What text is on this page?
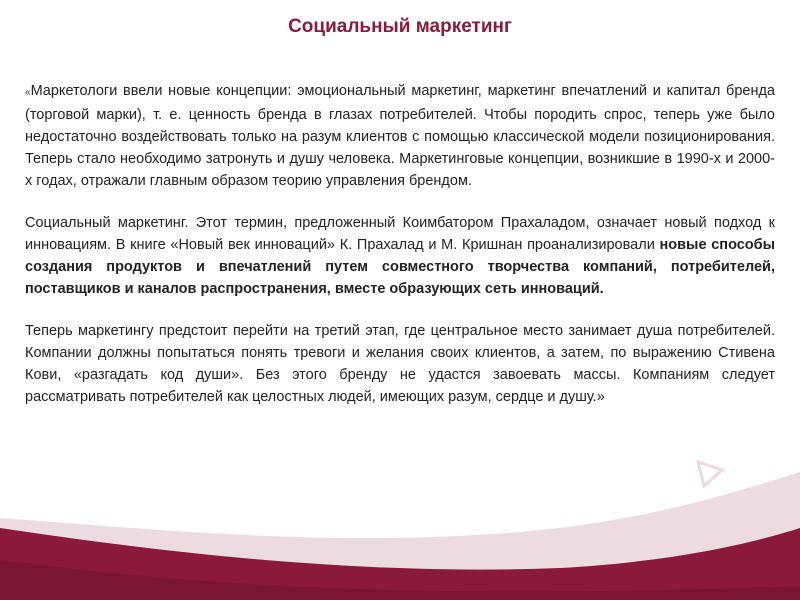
Социальный маркетинг

«Маркетологи ввели новые концепции: эмоциональный маркетинг, маркетинг впечатлений и капитал бренда (торговой марки), т. е. ценность бренда в глазах потребителей. Чтобы породить спрос, теперь уже было недостаточно воздействовать только на разум клиентов с помощью классической модели позиционирования. Теперь стало необходимо затронуть и душу человека. Маркетинговые концепции, возникшие в 1990-х и 2000-х годах, отражали главным образом теорию управления брендом.

Социальный маркетинг. Этот термин, предложенный Коимбатором Прахаладом, означает новый подход к инновациям. В книге «Новый век инноваций» К. Прахалад и М. Кришнан проанализировали новые способы создания продуктов и впечатлений путем совместного творчества компаний, потребителей, поставщиков и каналов распространения, вместе образующих сеть инноваций.

Теперь маркетингу предстоит перейти на третий этап, где центральное место занимает душа потребителей. Компании должны попытаться понять тревоги и желания своих клиентов, а затем, по выражению Стивена Кови, «разгадать код души». Без этого бренду не удастся завоевать массы. Компаниям следует рассматривать потребителей как целостных людей, имеющих разум, сердце и душу.»
